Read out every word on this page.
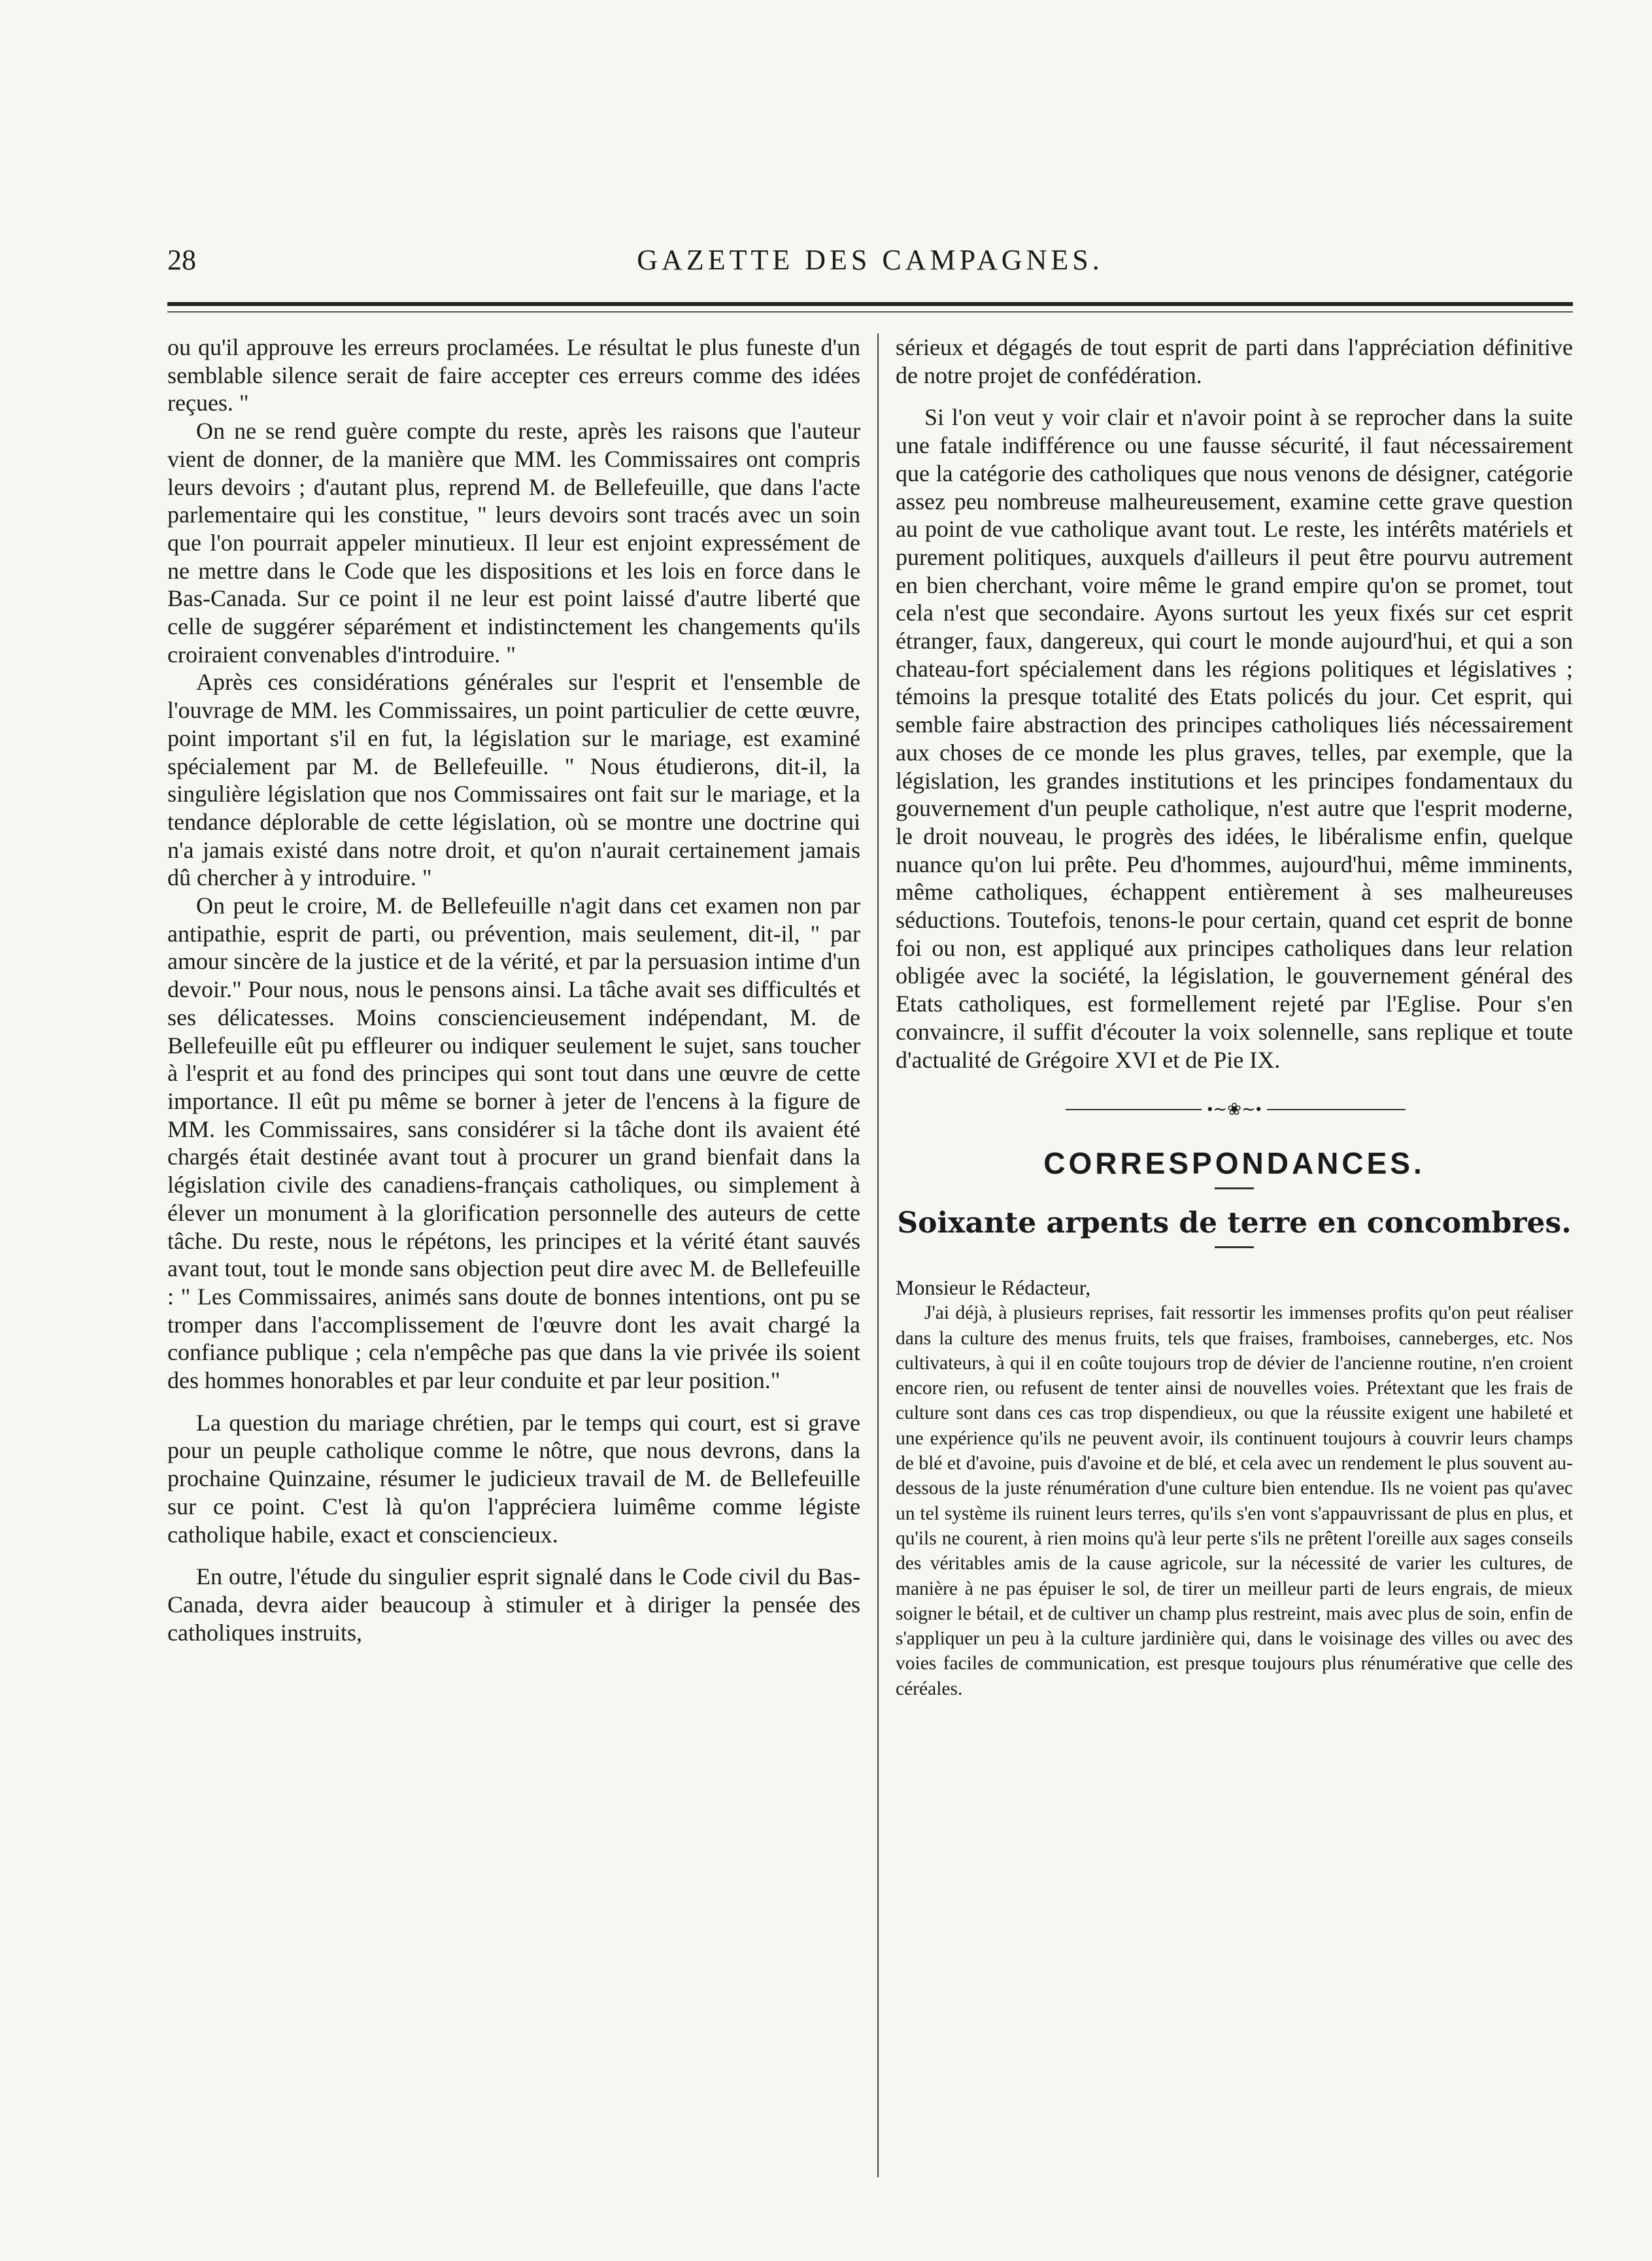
28	GAZETTE DES CAMPAGNES.

ou qu'il approuve les erreurs proclamées. Le résultat le plus funeste d'un semblable silence serait de faire accepter ces erreurs comme des idées reçues. "

On ne se rend guère compte du reste, après les raisons que l'auteur vient de donner, de la manière que MM. les Commissaires ont compris leurs devoirs ; d'autant plus, reprend M. de Bellefeuille, que dans l'acte parlementaire qui les constitue, " leurs devoirs sont tracés avec un soin que l'on pourrait appeler minutieux. Il leur est enjoint expressément de ne mettre dans le Code que les dispositions et les lois en force dans le Bas-Canada. Sur ce point il ne leur est point laissé d'autre liberté que celle de suggérer séparément et indistinctement les changements qu'ils croiraient convenables d'introduire. "

Après ces considérations générales sur l'esprit et l'ensemble de l'ouvrage de MM. les Commissaires, un point particulier de cette œuvre, point important s'il en fut, la législation sur le mariage, est examiné spécialement par M. de Bellefeuille. " Nous étudierons, dit-il, la singulière législation que nos Commissaires ont fait sur le mariage, et la tendance déplorable de cette législation, où se montre une doctrine qui n'a jamais existé dans notre droit, et qu'on n'aurait certainement jamais dû chercher à y introduire. "

On peut le croire, M. de Bellefeuille n'agit dans cet examen non par antipathie, esprit de parti, ou prévention, mais seulement, dit-il, " par amour sincère de la justice et de la vérité, et par la persuasion intime d'un devoir." Pour nous, nous le pensons ainsi. La tâche avait ses difficultés et ses délicatesses. Moins consciencieusement indépendant, M. de Bellefeuille eût pu effleurer ou indiquer seulement le sujet, sans toucher à l'esprit et au fond des principes qui sont tout dans une œuvre de cette importance. Il eût pu même se borner à jeter de l'encens à la figure de MM. les Commissaires, sans considérer si la tâche dont ils avaient été chargés était destinée avant tout à procurer un grand bienfait dans la législation civile des canadiens-français catholiques, ou simplement à élever un monument à la glorification personnelle des auteurs de cette tâche. Du reste, nous le répétons, les principes et la vérité étant sauvés avant tout, tout le monde sans objection peut dire avec M. de Bellefeuille : " Les Commissaires, animés sans doute de bonnes intentions, ont pu se tromper dans l'accomplissement de l'œuvre dont les avait chargé la confiance publique ; cela n'empêche pas que dans la vie privée ils soient des hommes honorables et par leur conduite et par leur position."

La question du mariage chrétien, par le temps qui court, est si grave pour un peuple catholique comme le nôtre, que nous devrons, dans la prochaine Quinzaine, résumer le judicieux travail de M. de Bellefeuille sur ce point. C'est là qu'on l'appréciera luimême comme légiste catholique habile, exact et consciencieux.

En outre, l'étude du singulier esprit signalé dans le Code civil du Bas-Canada, devra aider beaucoup à stimuler et à diriger la pensée des catholiques instruits,

sérieux et dégagés de tout esprit de parti dans l'appréciation définitive de notre projet de confédération.

Si l'on veut y voir clair et n'avoir point à se reprocher dans la suite une fatale indifférence ou une fausse sécurité, il faut nécessairement que la catégorie des catholiques que nous venons de désigner, catégorie assez peu nombreuse malheureusement, examine cette grave question au point de vue catholique avant tout. Le reste, les intérêts matériels et purement politiques, auxquels d'ailleurs il peut être pourvu autrement en bien cherchant, voire même le grand empire qu'on se promet, tout cela n'est que secondaire. Ayons surtout les yeux fixés sur cet esprit étranger, faux, dangereux, qui court le monde aujourd'hui, et qui a son chateau-fort spécialement dans les régions politiques et législatives ; témoins la presque totalité des Etats policés du jour. Cet esprit, qui semble faire abstraction des principes catholiques liés nécessairement aux choses de ce monde les plus graves, telles, par exemple, que la législation, les grandes institutions et les principes fondamentaux du gouvernement d'un peuple catholique, n'est autre que l'esprit moderne, le droit nouveau, le progrès des idées, le libéralisme enfin, quelque nuance qu'on lui prête. Peu d'hommes, aujourd'hui, même imminents, même catholiques, échappent entièrement à ses malheureuses séductions. Toutefois, tenons-le pour certain, quand cet esprit de bonne foi ou non, est appliqué aux principes catholiques dans leur relation obligée avec la société, la législation, le gouvernement général des Etats catholiques, est formellement rejeté par l'Eglise. Pour s'en convaincre, il suffit d'écouter la voix solennelle, sans replique et toute d'actualité de Grégoire XVI et de Pie IX.

•∼❀∼•
CORRESPONDANCES.
Soixante arpents de terre en concombres.
Monsieur le Rédacteur,

J'ai déjà, à plusieurs reprises, fait ressortir les immenses profits qu'on peut réaliser dans la culture des menus fruits, tels que fraises, framboises, canneberges, etc. Nos cultivateurs, à qui il en coûte toujours trop de dévier de l'ancienne routine, n'en croient encore rien, ou refusent de tenter ainsi de nouvelles voies. Prétextant que les frais de culture sont dans ces cas trop dispendieux, ou que la réussite exigent une habileté et une expérience qu'ils ne peuvent avoir, ils continuent toujours à couvrir leurs champs de blé et d'avoine, puis d'avoine et de blé, et cela avec un rendement le plus souvent au-dessous de la juste rénumération d'une culture bien entendue. Ils ne voient pas qu'avec un tel système ils ruinent leurs terres, qu'ils s'en vont s'appauvrissant de plus en plus, et qu'ils ne courent, à rien moins qu'à leur perte s'ils ne prêtent l'oreille aux sages conseils des véritables amis de la cause agricole, sur la nécessité de varier les cultures, de manière à ne pas épuiser le sol, de tirer un meilleur parti de leurs engrais, de mieux soigner le bétail, et de cultiver un champ plus restreint, mais avec plus de soin, enfin de s'appliquer un peu à la culture jardinière qui, dans le voisinage des villes ou avec des voies faciles de communication, est presque toujours plus rénumérative que celle des céréales.
